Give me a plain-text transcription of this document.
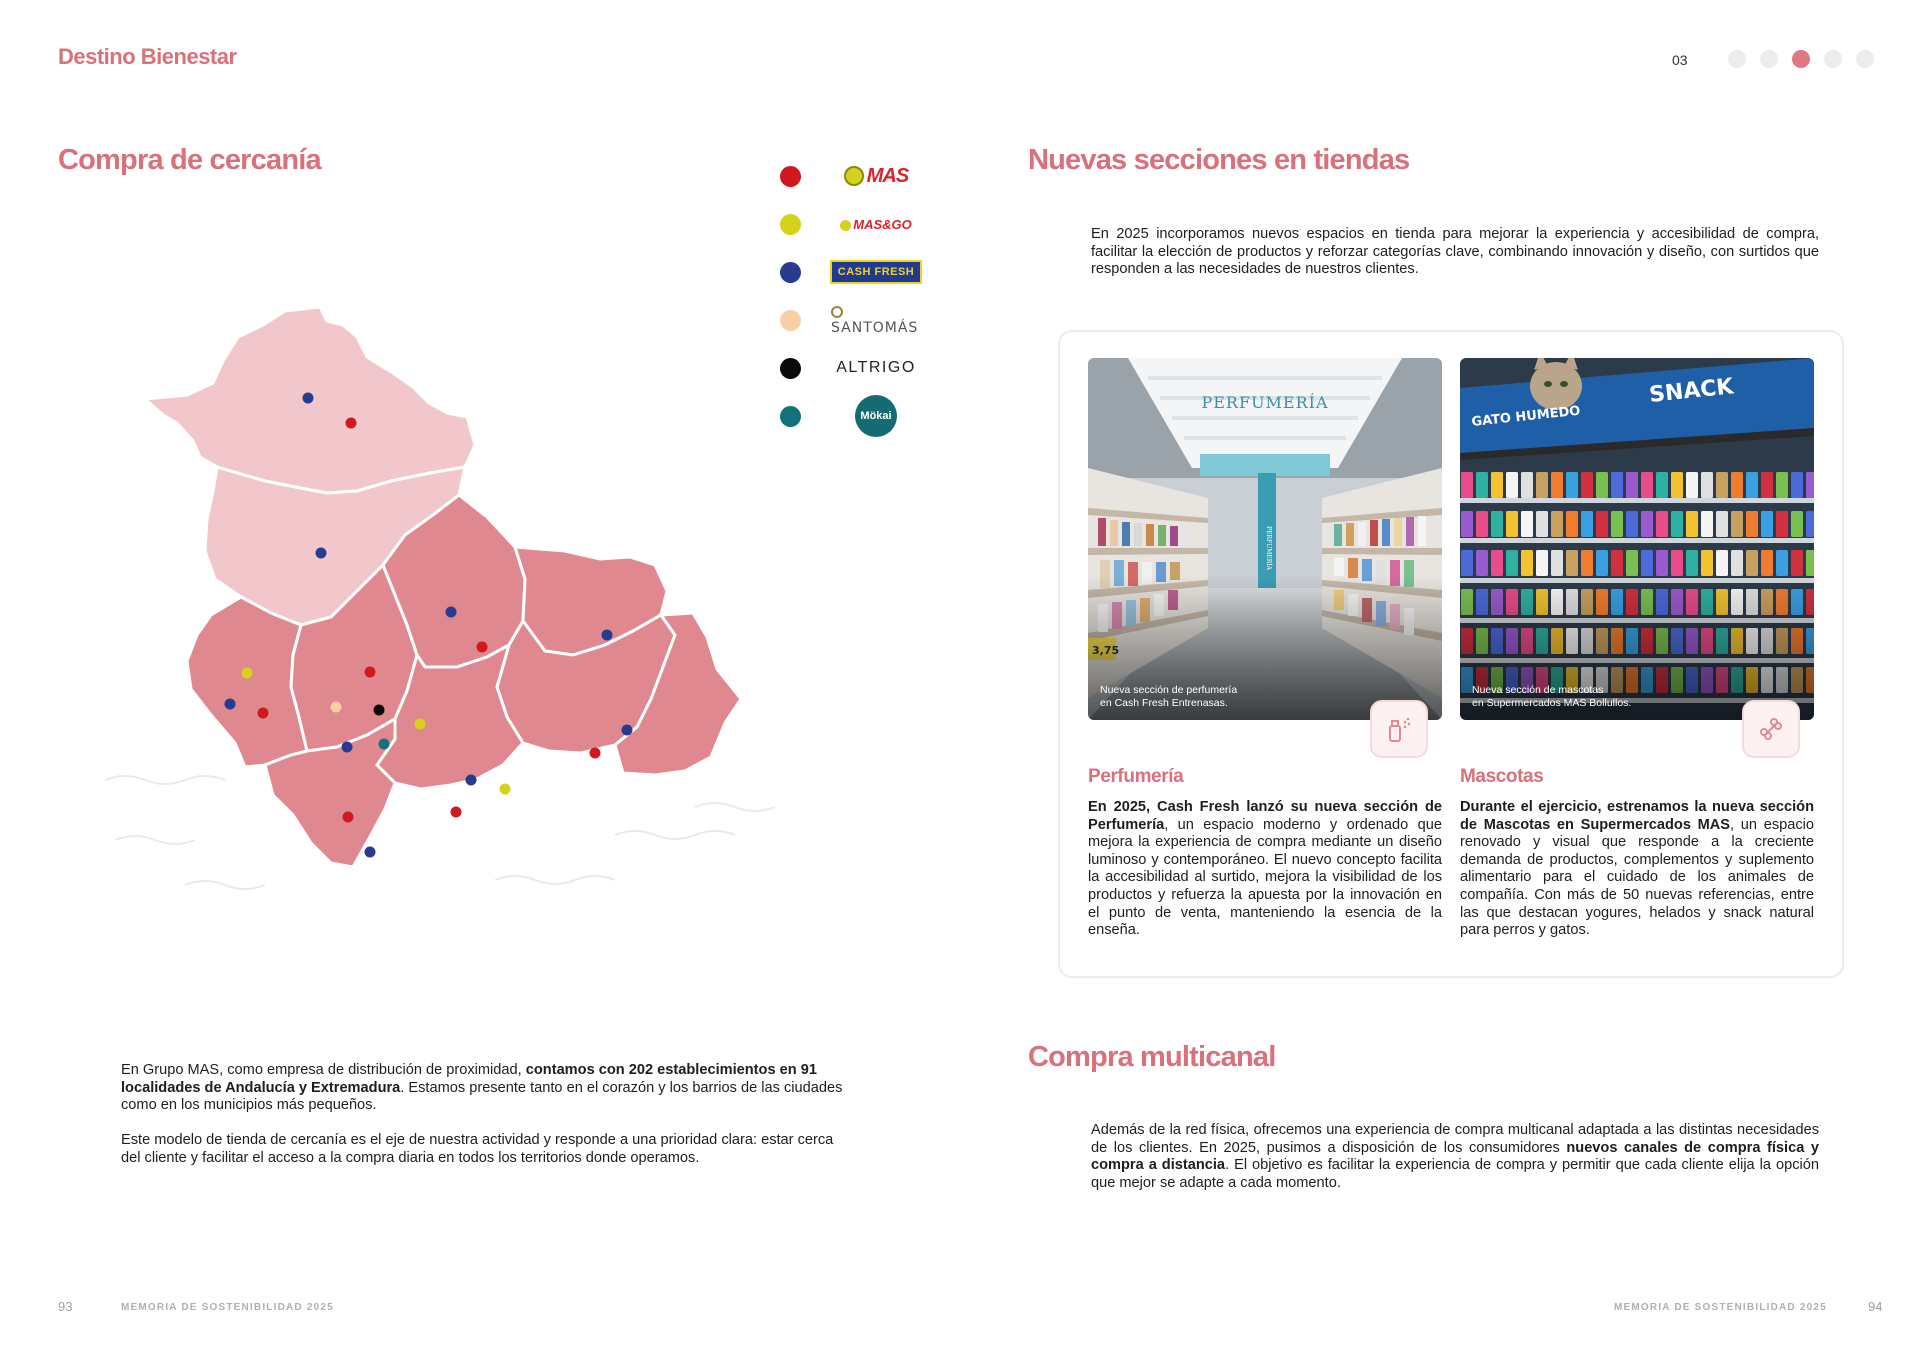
Destino Bienestar	03
Compra de cercanía	MAS
MAS&GO
CASH FRESH
SANTOMÁS
ALTRIGO
Mökai
En Grupo MAS, como empresa de distribución de proximidad, contamos con 202 establecimientos en 91 localidades de Andalucía y Extremadura. Estamos presente tanto en el corazón y los barrios de las ciudades como en los municipios más pequeños.
Este modelo de tienda de cercanía es el eje de nuestra actividad y responde a una prioridad clara: estar cerca del cliente y facilitar el acceso a la compra diaria en todos los territorios donde operamos.
Nuevas secciones en tiendas
En 2025 incorporamos nuevos espacios en tienda para mejorar la experiencia y accesibilidad de compra, facilitar la elección de productos y reforzar categorías clave, combinando innovación y diseño, con surtidos que responden a las necesidades de nuestros clientes.
Nueva sección de perfumería
en Cash Fresh Entrenasas.
Nueva sección de mascotas
en Supermercados MAS Bollullos.
Perfumería	Mascotas
En 2025, Cash Fresh lanzó su nueva sección de Perfumería, un espacio moderno y ordenado que mejora la experiencia de compra mediante un diseño luminoso y contemporáneo. El nuevo concepto facilita la accesibilidad al surtido, mejora la visibilidad de los productos y refuerza la apuesta por la innovación en el punto de venta, manteniendo la esencia de la enseña.
Durante el ejercicio, estrenamos la nueva sección de Mascotas en Supermercados MAS, un espacio renovado y visual que responde a la creciente demanda de productos, complementos y suplemento alimentario para el cuidado de los animales de compañía. Con más de 50 nuevas referencias, entre las que destacan yogures, helados y snack natural para perros y gatos.
Compra multicanal
Además de la red física, ofrecemos una experiencia de compra multicanal adaptada a las distintas necesidades de los clientes. En 2025, pusimos a disposición de los consumidores nuevos canales de compra física y compra a distancia. El objetivo es facilitar la experiencia de compra y permitir que cada cliente elija la opción que mejor se adapte a cada momento.
93	MEMORIA DE SOSTENIBILIDAD 2025	MEMORIA DE SOSTENIBILIDAD 2025	94
